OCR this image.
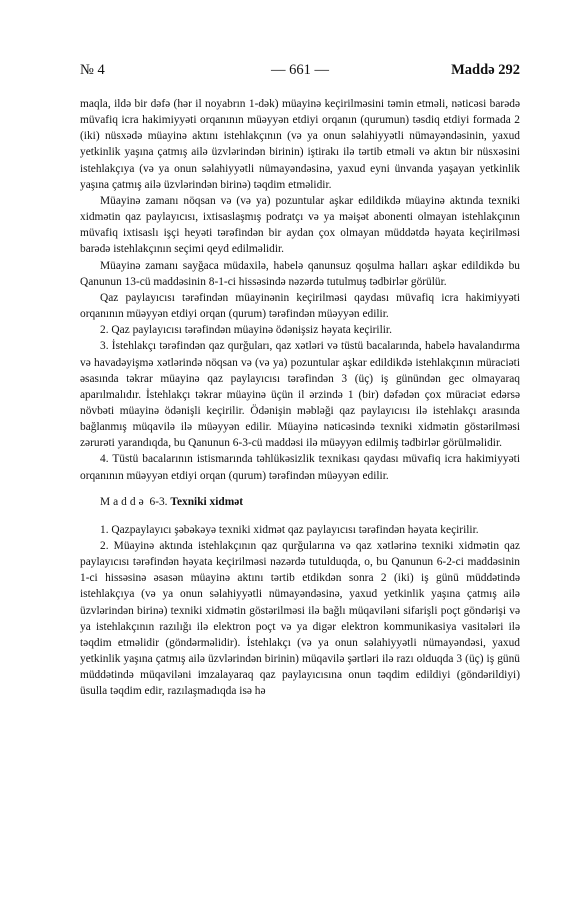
№ 4	— 661 —	Maddə 292

maqla, ildə bir dəfə (hər il noyabrın 1-dək) müayinə keçirilməsini təmin etməli, nəticəsi barədə müvafiq icra hakimiyyəti orqanının müəyyən etdiyi orqanın (qurumun) təsdiq etdiyi formada 2 (iki) nüsxədə müayinə aktını istehlakçının (və ya onun səlahiyyətli nümayəndəsinin, yaxud yetkinlik yaşına çatmış ailə üzvlərindən birinin) iştirakı ilə tərtib etməli və aktın bir nüsxəsini istehlakçıya (və ya onun səlahiyyətli nümayəndəsinə, yaxud eyni ünvanda yaşayan yetkinlik yaşına çatmış ailə üzvlərindən birinə) təqdim etməlidir.

Müayinə zamanı nöqsan və (və ya) pozuntular aşkar edildikdə müayinə aktında texniki xidmətin qaz paylayıcısı, ixtisaslaşmış podratçı və ya məişət abonenti olmayan istehlakçının müvafiq ixtisaslı işçi heyəti tərəfindən bir aydan çox olmayan müddətdə həyata keçirilməsi barədə istehlakçının seçimi qeyd edilməlidir.

Müayinə zamanı sayğaca müdaxilə, habelə qanunsuz qoşulma halları aşkar edildikdə bu Qanunun 13-cü maddəsinin 8-1-ci hissəsində nəzərdə tutulmuş tədbirlər görülür.

Qaz paylayıcısı tərəfindən müayinənin keçirilməsi qaydası müvafiq icra hakimiyyəti orqanının müəyyən etdiyi orqan (qurum) tərəfindən müəyyən edilir.

2. Qaz paylayıcısı tərəfindən müayinə ödənişsiz həyata keçirilir.

3. İstehlakçı tərəfindən qaz qurğuları, qaz xətləri və tüstü bacalarında, habelə havalandırma və havadəyişmə xətlərində nöqsan və (və ya) pozuntular aşkar edildikdə istehlakçının müraciəti əsasında təkrar müayinə qaz paylayıcısı tərəfindən 3 (üç) iş günündən gec olmayaraq aparılmalıdır. İstehlakçı təkrar müayinə üçün il ərzində 1 (bir) dəfədən çox müraciət edərsə növbəti müayinə ödənişli keçirilir. Ödənişin məbləği qaz paylayıcısı ilə istehlakçı arasında bağlanmış müqavilə ilə müəyyən edilir. Müayinə nəticəsində texniki xidmətin göstərilməsi zərurəti yarandıqda, bu Qanunun 6-3-cü maddəsi ilə müəyyən edilmiş tədbirlər görülməlidir.

4. Tüstü bacalarının istismarında təhlükəsizlik texnikası qaydası müvafiq icra hakimiyyəti orqanının müəyyən etdiyi orqan (qurum) tərəfindən müəyyən edilir.

Maddə 6-3. Texniki xidmət

1. Qazpaylayıcı şəbəkəyə texniki xidmət qaz paylayıcısı tərəfindən həyata keçirilir.

2. Müayinə aktında istehlakçının qaz qurğularına və qaz xətlərinə texniki xidmətin qaz paylayıcısı tərəfindən həyata keçirilməsi nəzərdə tutulduqda, o, bu Qanunun 6-2-ci maddəsinin 1-ci hissəsinə əsasən müayinə aktını tərtib etdikdən sonra 2 (iki) iş günü müddətində istehlakçıya (və ya onun səlahiyyətli nümayəndəsinə, yaxud yetkinlik yaşına çatmış ailə üzvlərindən birinə) texniki xidmətin göstərilməsi ilə bağlı müqaviləni sifarişli poçt göndərişi və ya istehlakçının razılığı ilə elektron poçt və ya digər elektron kommunikasiya vasitələri ilə təqdim etməlidir (göndərməlidir). İstehlakçı (və ya onun səlahiyyətli nümayəndəsi, yaxud yetkinlik yaşına çatmış ailə üzvlərindən birinin) müqavilə şərtləri ilə razı olduqda 3 (üç) iş günü müddətində müqaviləni imzalayaraq qaz paylayıcısına onun təqdim edildiyi (göndərildiyi) üsulla təqdim edir, razılaşmadıqda isə hə
